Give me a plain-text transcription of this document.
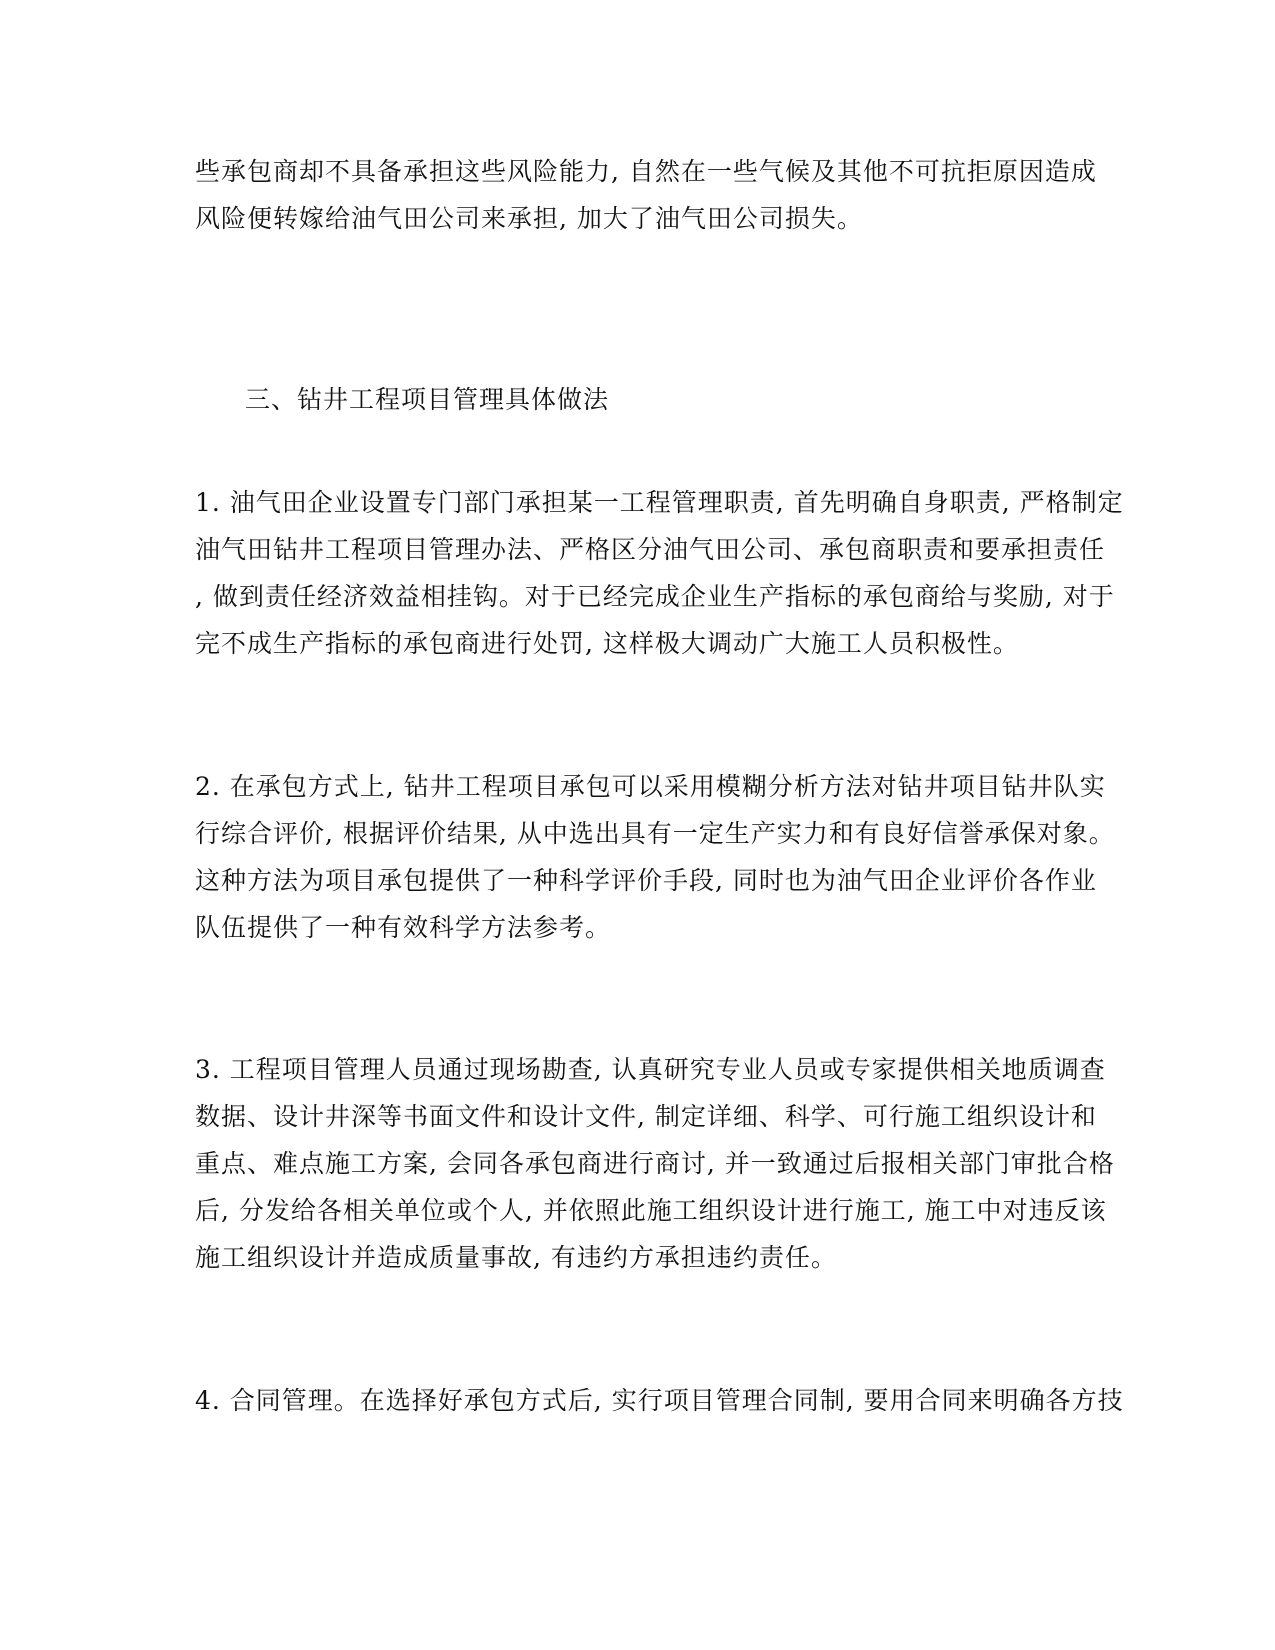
些承包商却不具备承担这些风险能力, 自然在一些气候及其他不可抗拒原因造成
风险便转嫁给油气田公司来承担, 加大了油气田公司损失。
三、钻井工程项目管理具体做法
1. 油气田企业设置专门部门承担某一工程管理职责, 首先明确自身职责, 严格制定
油气田钻井工程项目管理办法、严格区分油气田公司、承包商职责和要承担责任
, 做到责任经济效益相挂钩。对于已经完成企业生产指标的承包商给与奖励, 对于
完不成生产指标的承包商进行处罚, 这样极大调动广大施工人员积极性。
2. 在承包方式上, 钻井工程项目承包可以采用模糊分析方法对钻井项目钻井队实
行综合评价, 根据评价结果, 从中选出具有一定生产实力和有良好信誉承保对象。
这种方法为项目承包提供了一种科学评价手段, 同时也为油气田企业评价各作业
队伍提供了一种有效科学方法参考。
3. 工程项目管理人员通过现场勘查, 认真研究专业人员或专家提供相关地质调查
数据、设计井深等书面文件和设计文件, 制定详细、科学、可行施工组织设计和
重点、难点施工方案, 会同各承包商进行商讨, 并一致通过后报相关部门审批合格
后, 分发给各相关单位或个人, 并依照此施工组织设计进行施工, 施工中对违反该
施工组织设计并造成质量事故, 有违约方承担违约责任。
4. 合同管理。在选择好承包方式后, 实行项目管理合同制, 要用合同来明确各方技
